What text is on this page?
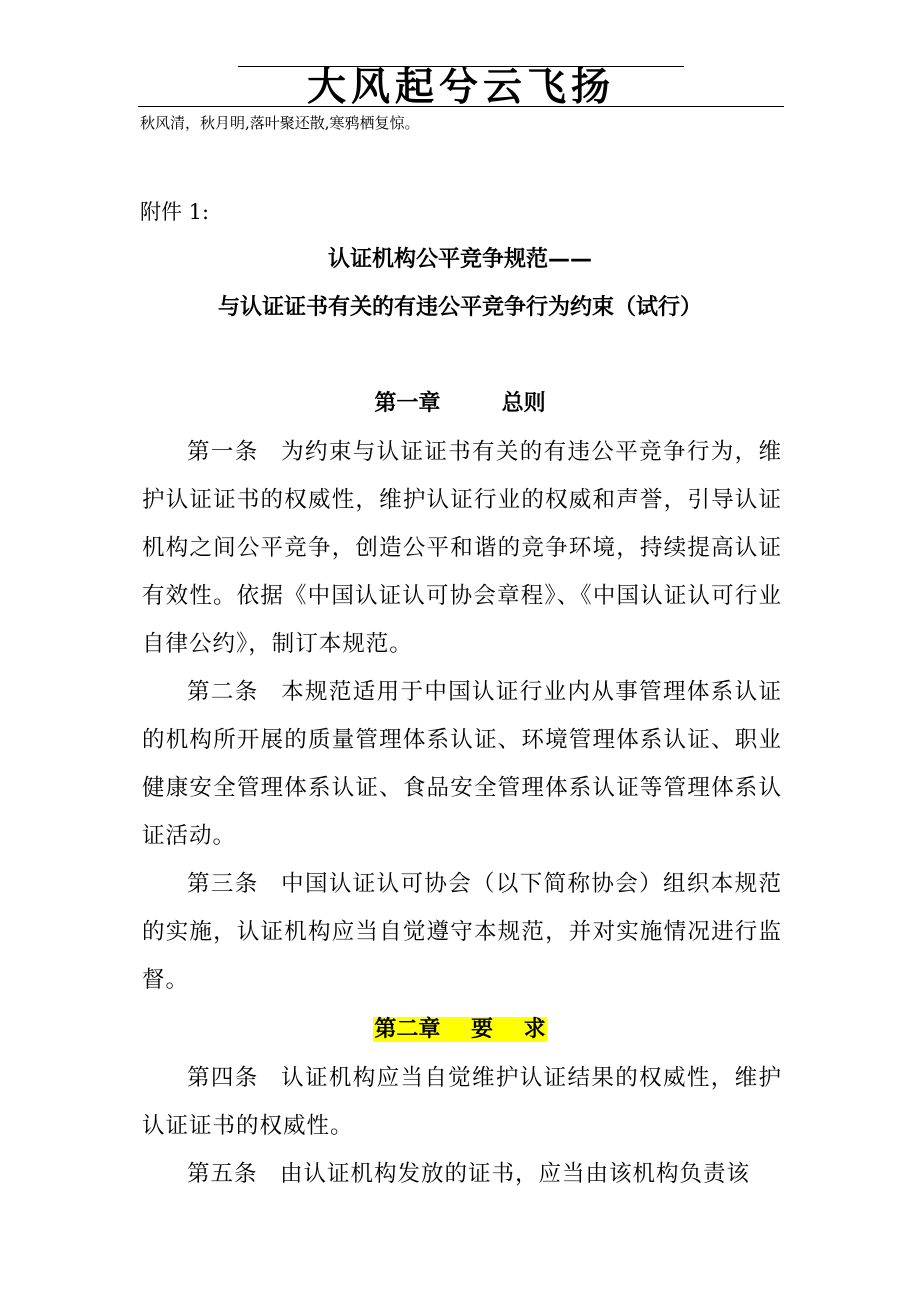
大风起兮云飞扬
秋风清，秋月明,落叶聚还散,寒鸦栖复惊。
附件 1:
认证机构公平竞争规范——
与认证证书有关的有违公平竞争行为约束（试行）
第一章        总则

第一条 为约束与认证证书有关的有违公平竞争行为，维护认证证书的权威性，维护认证行业的权威和声誉，引导认证机构之间公平竞争，创造公平和谐的竞争环境，持续提高认证有效性。依据《中国认证认可协会章程》、《中国认证认可行业自律公约》，制订本规范。

第二条 本规范适用于中国认证行业内从事管理体系认证的机构所开展的质量管理体系认证、环境管理体系认证、职业健康安全管理体系认证、食品安全管理体系认证等管理体系认证活动。

第三条 中国认证认可协会（以下简称协会）组织本规范的实施，认证机构应当自觉遵守本规范，并对实施情况进行监督。

第二章    要    求

第四条 认证机构应当自觉维护认证结果的权威性，维护认证证书的权威性。

第五条 由认证机构发放的证书，应当由该机构负责该
